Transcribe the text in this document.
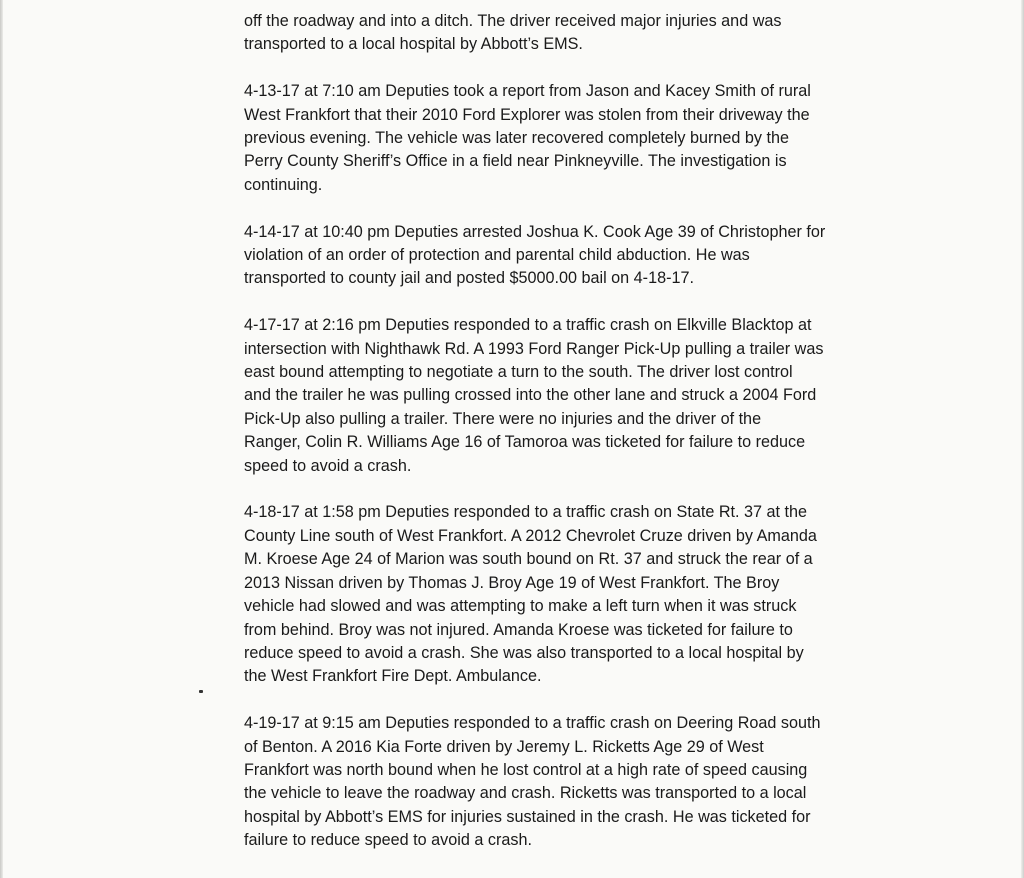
off the roadway and into a ditch. The driver received major injuries and was
transported to a local hospital by Abbott’s EMS.

4-13-17 at 7:10 am Deputies took a report from Jason and Kacey Smith of rural
West Frankfort that their 2010 Ford Explorer was stolen from their driveway the
previous evening. The vehicle was later recovered completely burned by the
Perry County Sheriff’s Office in a field near Pinkneyville. The investigation is
continuing.

4-14-17 at 10:40 pm Deputies arrested Joshua K. Cook Age 39 of Christopher for
violation of an order of protection and parental child abduction. He was
transported to county jail and posted $5000.00 bail on 4-18-17.

4-17-17 at 2:16 pm Deputies responded to a traffic crash on Elkville Blacktop at
intersection with Nighthawk Rd. A 1993 Ford Ranger Pick-Up pulling a trailer was
east bound attempting to negotiate a turn to the south. The driver lost control
and the trailer he was pulling crossed into the other lane and struck a 2004 Ford
Pick-Up also pulling a trailer. There were no injuries and the driver of the
Ranger, Colin R. Williams Age 16 of Tamoroa was ticketed for failure to reduce
speed to avoid a crash.

4-18-17 at 1:58 pm Deputies responded to a traffic crash on State Rt. 37 at the
County Line south of West Frankfort. A 2012 Chevrolet Cruze driven by Amanda
M. Kroese Age 24 of Marion was south bound on Rt. 37 and struck the rear of a
2013 Nissan driven by Thomas J. Broy Age 19 of West Frankfort. The Broy
vehicle had slowed and was attempting to make a left turn when it was struck
from behind. Broy was not injured. Amanda Kroese was ticketed for failure to
reduce speed to avoid a crash. She was also transported to a local hospital by
the West Frankfort Fire Dept. Ambulance.

4-19-17 at 9:15 am Deputies responded to a traffic crash on Deering Road south
of Benton. A 2016 Kia Forte driven by Jeremy L. Ricketts Age 29 of West
Frankfort was north bound when he lost control at a high rate of speed causing
the vehicle to leave the roadway and crash. Ricketts was transported to a local
hospital by Abbott’s EMS for injuries sustained in the crash. He was ticketed for
failure to reduce speed to avoid a crash.
